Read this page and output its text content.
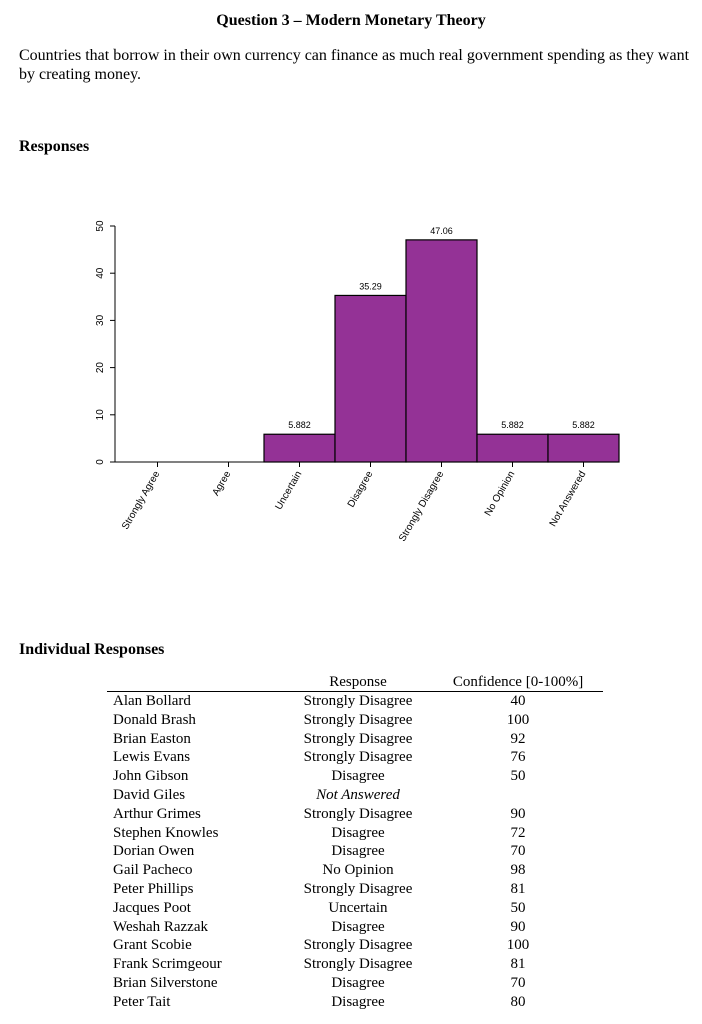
Question 3 – Modern Monetary Theory
Countries that borrow in their own currency can finance as much real government spending as they want by creating money.
Responses
0
10
20
30
40
50
Strongly Agree	Agree
5.882
Uncertain
35.29
Disagree
47.06
Strongly Disagree
5.882
No Opinion
5.882
Not Answered
Individual Responses
	Response	Confidence [0-100%]
Alan Bollard	Strongly Disagree	40
Donald Brash	Strongly Disagree	100
Brian Easton	Strongly Disagree	92
Lewis Evans	Strongly Disagree	76
John Gibson	Disagree	50
David Giles	Not Answered	
Arthur Grimes	Strongly Disagree	90
Stephen Knowles	Disagree	72
Dorian Owen	Disagree	70
Gail Pacheco	No Opinion	98
Peter Phillips	Strongly Disagree	81
Jacques Poot	Uncertain	50
Weshah Razzak	Disagree	90
Grant Scobie	Strongly Disagree	100
Frank Scrimgeour	Strongly Disagree	81
Brian Silverstone	Disagree	70
Peter Tait	Disagree	80
